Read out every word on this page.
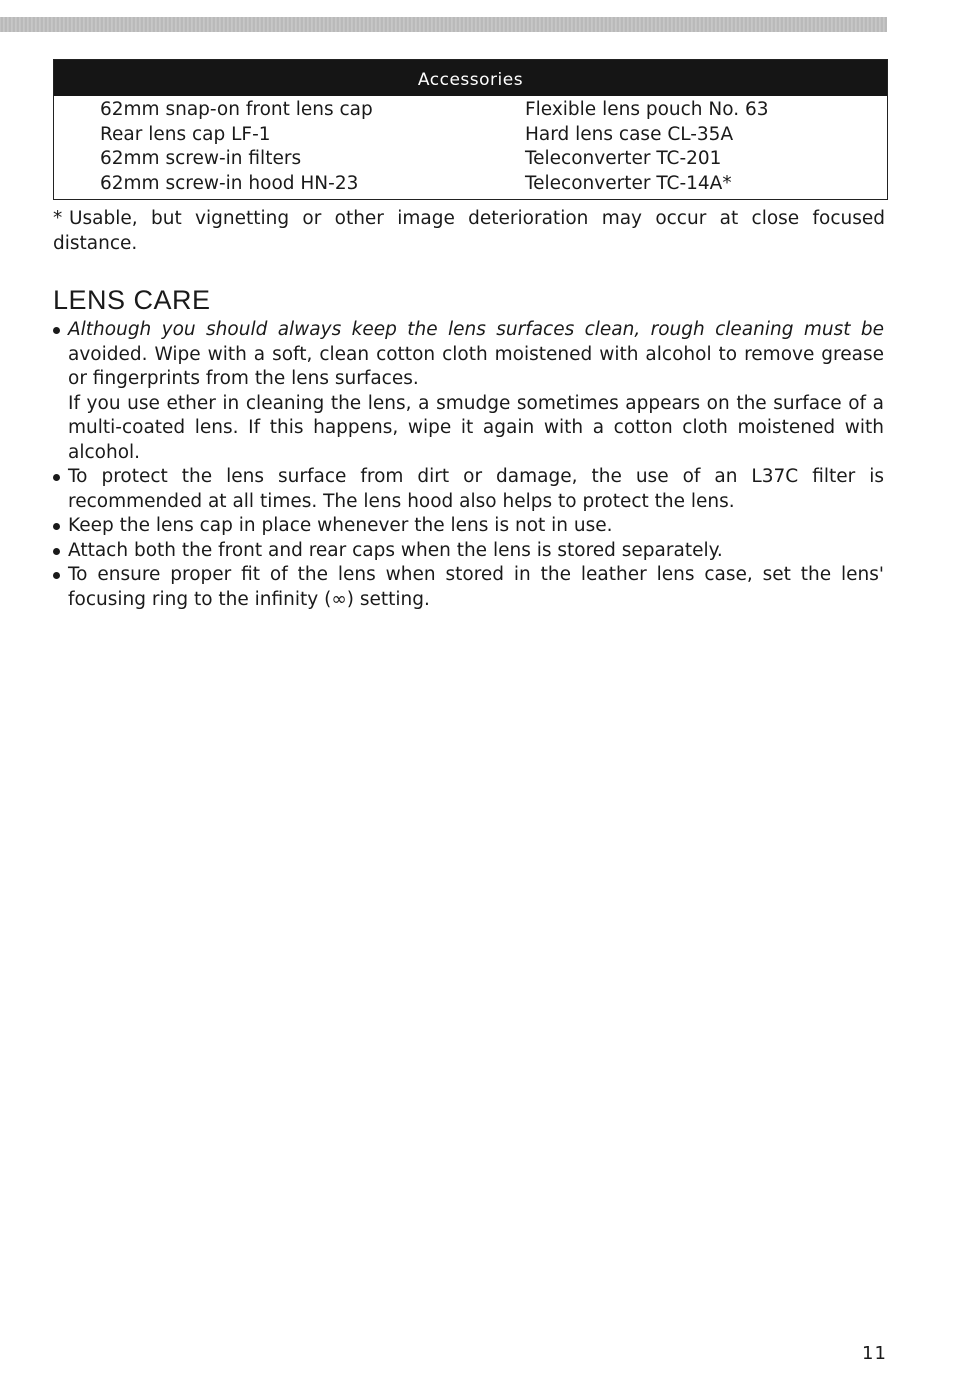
Accessories
62mm snap-on front lens cap
Rear lens cap LF-1
62mm screw-in filters
62mm screw-in hood HN-23
Flexible lens pouch No. 63
Hard lens case CL-35A
Teleconverter TC-201
Teleconverter TC-14A*
* Usable, but vignetting or other image deterioration may occur at close focused distance.
LENS CARE

Although you should always keep the lens surfaces clean, rough cleaning must be avoided. Wipe with a soft, clean cotton cloth moistened with alcohol to remove grease or fingerprints from the lens surfaces.

If you use ether in cleaning the lens, a smudge sometimes appears on the surface of a multi-coated lens. If this happens, wipe it again with a cotton cloth moistened with alcohol.

To protect the lens surface from dirt or damage, the use of an L37C filter is recommended at all times. The lens hood also helps to protect the lens.

Keep the lens cap in place whenever the lens is not in use.

Attach both the front and rear caps when the lens is stored separately.

To ensure proper fit of the lens when stored in the leather lens case, set the lens' focusing ring to the infinity (∞) setting.

11
